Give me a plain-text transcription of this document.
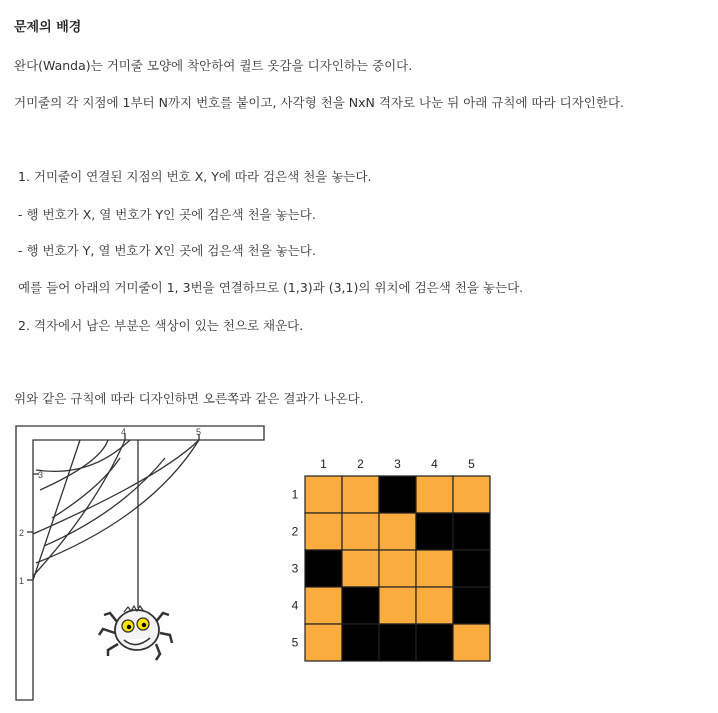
문제의 배경
완다(Wanda)는 거미줄 모양에 착안하여 퀼트 옷감을 디자인하는 중이다.
거미줄의 각 지점에 1부터 N까지 번호를 붙이고, 사각형 천을 NxN 격자로 나눈 뒤 아래 규칙에 따라 디자인한다.
1. 거미줄이 연결된 지점의 번호 X, Y에 따라 검은색 천을 놓는다.
- 행 번호가 X, 열 번호가 Y인 곳에 검은색 천을 놓는다.
- 행 번호가 Y, 열 번호가 X인 곳에 검은색 천을 놓는다.
예를 들어 아래의 거미줄이 1, 3번을 연결하므로 (1,3)과 (3,1)의 위치에 검은색 천을 놓는다.
2. 격자에서 남은 부분은 색상이 있는 천으로 채운다.
위와 같은 규칙에 따라 디자인하면 오른쪽과 같은 결과가 나온다.
1
2
3
4	5
1	2	3	4	5
1
2
3
4
5
